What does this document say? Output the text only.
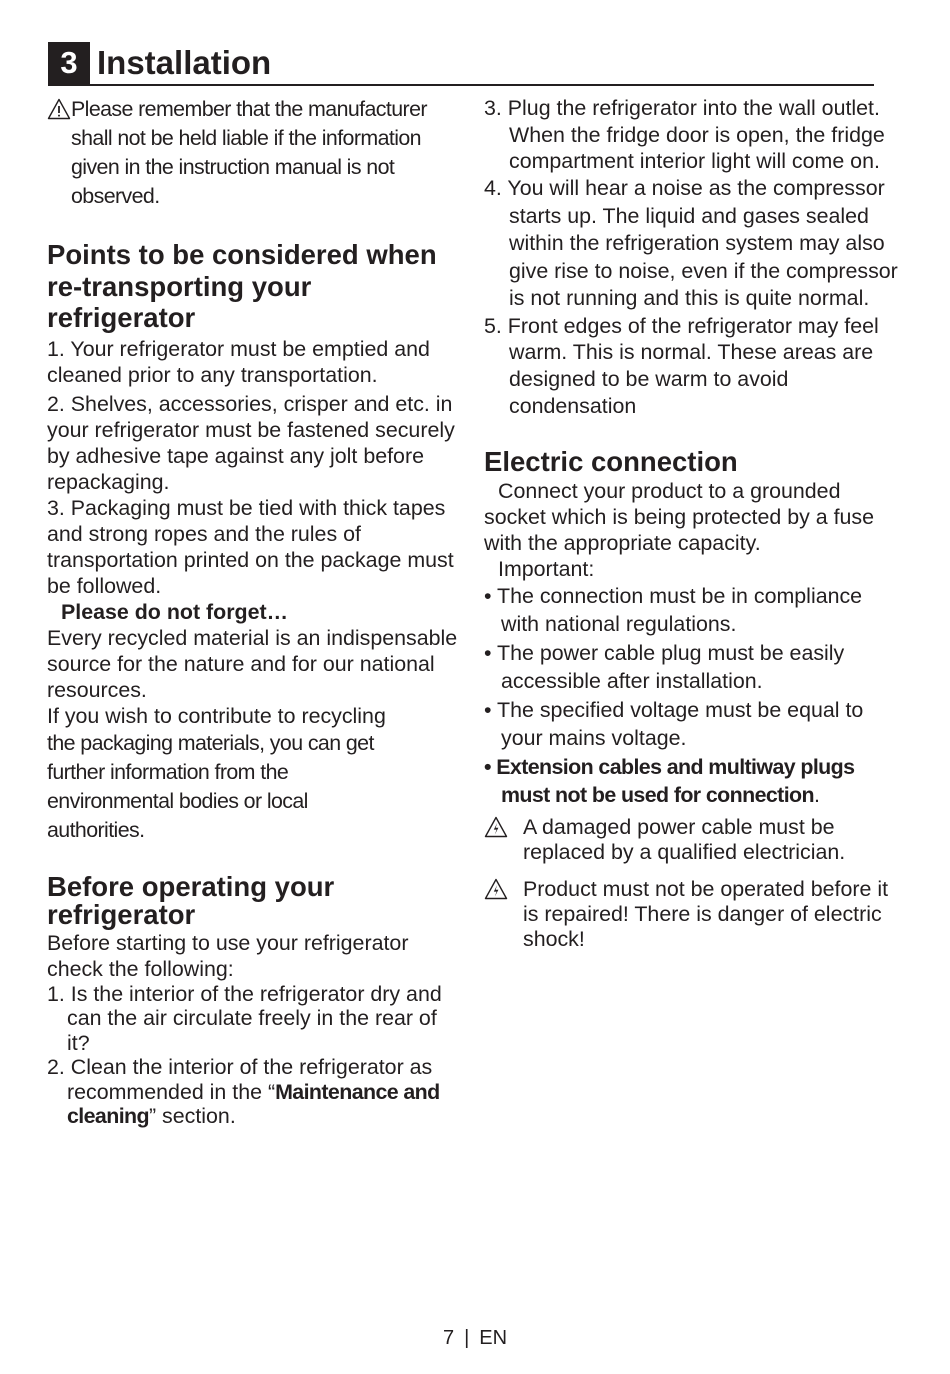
3 Installation

Please remember that the manufacturer shall not be held liable if the information given in the instruction manual is not observed.

Points to be considered when re-transporting your refrigerator

1. Your refrigerator must be emptied and cleaned prior to any transportation.

2. Shelves, accessories, crisper and etc. in your refrigerator must be fastened securely by adhesive tape against any jolt before repackaging.

3. Packaging must be tied with thick tapes and strong ropes and the rules of transportation printed on the package must be followed.

Please do not forget…

Every recycled material is an indispensable source for the nature and for our national resources.

If you wish to contribute to recycling

the packaging materials, you can get further information from the environmental bodies or local authorities.

Before operating your refrigerator

Before starting to use your refrigerator check the following:

1. Is the interior of the refrigerator dry and can the air circulate freely in the rear of it?

2. Clean the interior of the refrigerator as recommended in the “Maintenance and cleaning” section.

3. Plug the refrigerator into the wall outlet. When the fridge door is open, the fridge compartment interior light will come on.

4. You will hear a noise as the compressor starts up. The liquid and gases sealed within the refrigeration system may also give rise to noise, even if the compressor is not running and this is quite normal.

5. Front edges of the refrigerator may feel warm. This is normal. These areas are designed to be warm to avoid condensation

Electric connection

Connect your product to a grounded socket which is being protected by a fuse with the appropriate capacity.

Important:

• The connection must be in compliance with national regulations.

• The power cable plug must be easily accessible after installation.

• The specified voltage must be equal to your mains voltage.

• Extension cables and multiway plugs must not be used for connection.

A damaged power cable must be replaced by a qualified electrician.

Product must not be operated before it is repaired! There is danger of electric shock!

7 | EN
